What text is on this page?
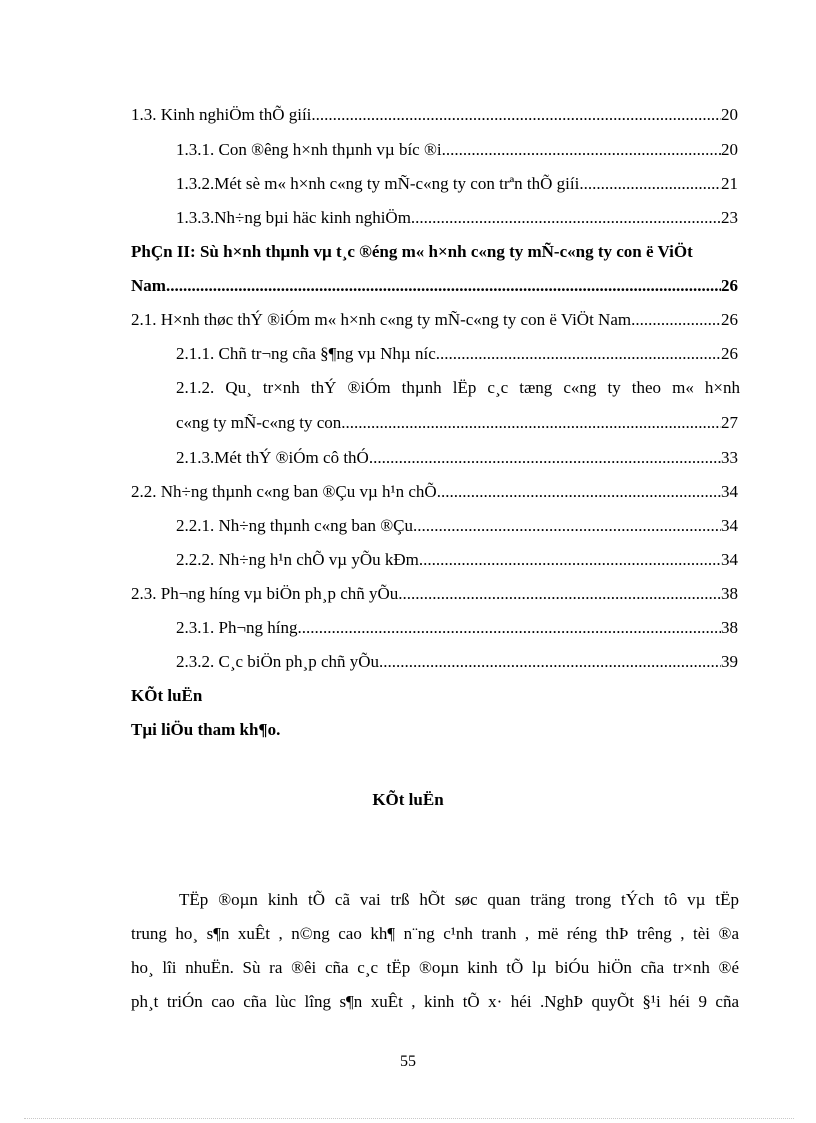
1.3. Kinh nghiÖm thÕ giíi .....	20
1.3.1. Con ®êng h×nh thµnh vµ bíc ®i. .....	20
1.3.2.Mét sè m« h×nh c«ng ty mÑ-c«ng ty con trªn thÕ giíi. .....	21
1.3.3.Nh÷ng bµi häc kinh nghiÖm. .....	23
PhÇn II: Sù h×nh thµnh vµ t¸c ®éng m« h×nh c«ng ty mÑ-c«ng ty con ë ViÖt
Nam .....	26
2.1. H×nh thøc thÝ ®iÓm m« h×nh c«ng ty mÑ-c«ng ty con ë ViÖt Nam. .....	26
2.1.1. Chñ tr¬ng cña §¶ng vµ Nhµ níc .....	26
2.1.2. Qu¸ tr×nh thÝ ®iÓm thµnh lËp c¸c tæng c«ng ty theo m« h×nh
c«ng ty mÑ-c«ng ty con .....	27
2.1.3.Mét thÝ ®iÓm cô thÓ .....	33
2.2. Nh÷ng thµnh c«ng ban ®Çu vµ h¹n chÕ .....	34
2.2.1. Nh÷ng thµnh c«ng ban ®Çu .....	34
2.2.2. Nh÷ng h¹n chÕ vµ yÕu kÐm .....	34
2.3. Ph¬ng híng vµ biÖn ph¸p chñ yÕu .....	38
2.3.1. Ph¬ng híng .....	38
2.3.2. C¸c biÖn ph¸p chñ yÕu .....	39
KÕt luËn
Tµi liÖu tham kh¶o.
KÕt luËn
TËp ®oµn kinh tÕ cã vai trß hÕt søc quan träng trong tÝch tô vµ tËp
trung ho¸ s¶n xuÊt , n©ng cao kh¶ n¨ng c¹nh tranh , më réng thÞ trêng , tèi ®a
ho¸ lîi nhuËn. Sù ra ®êi cña c¸c tËp ®oµn kinh tÕ lµ biÓu hiÖn cña tr×nh ®é
ph¸t triÓn cao cña lùc lîng s¶n xuÊt , kinh tÕ x· héi .NghÞ quyÕt §¹i héi 9 cña
55
